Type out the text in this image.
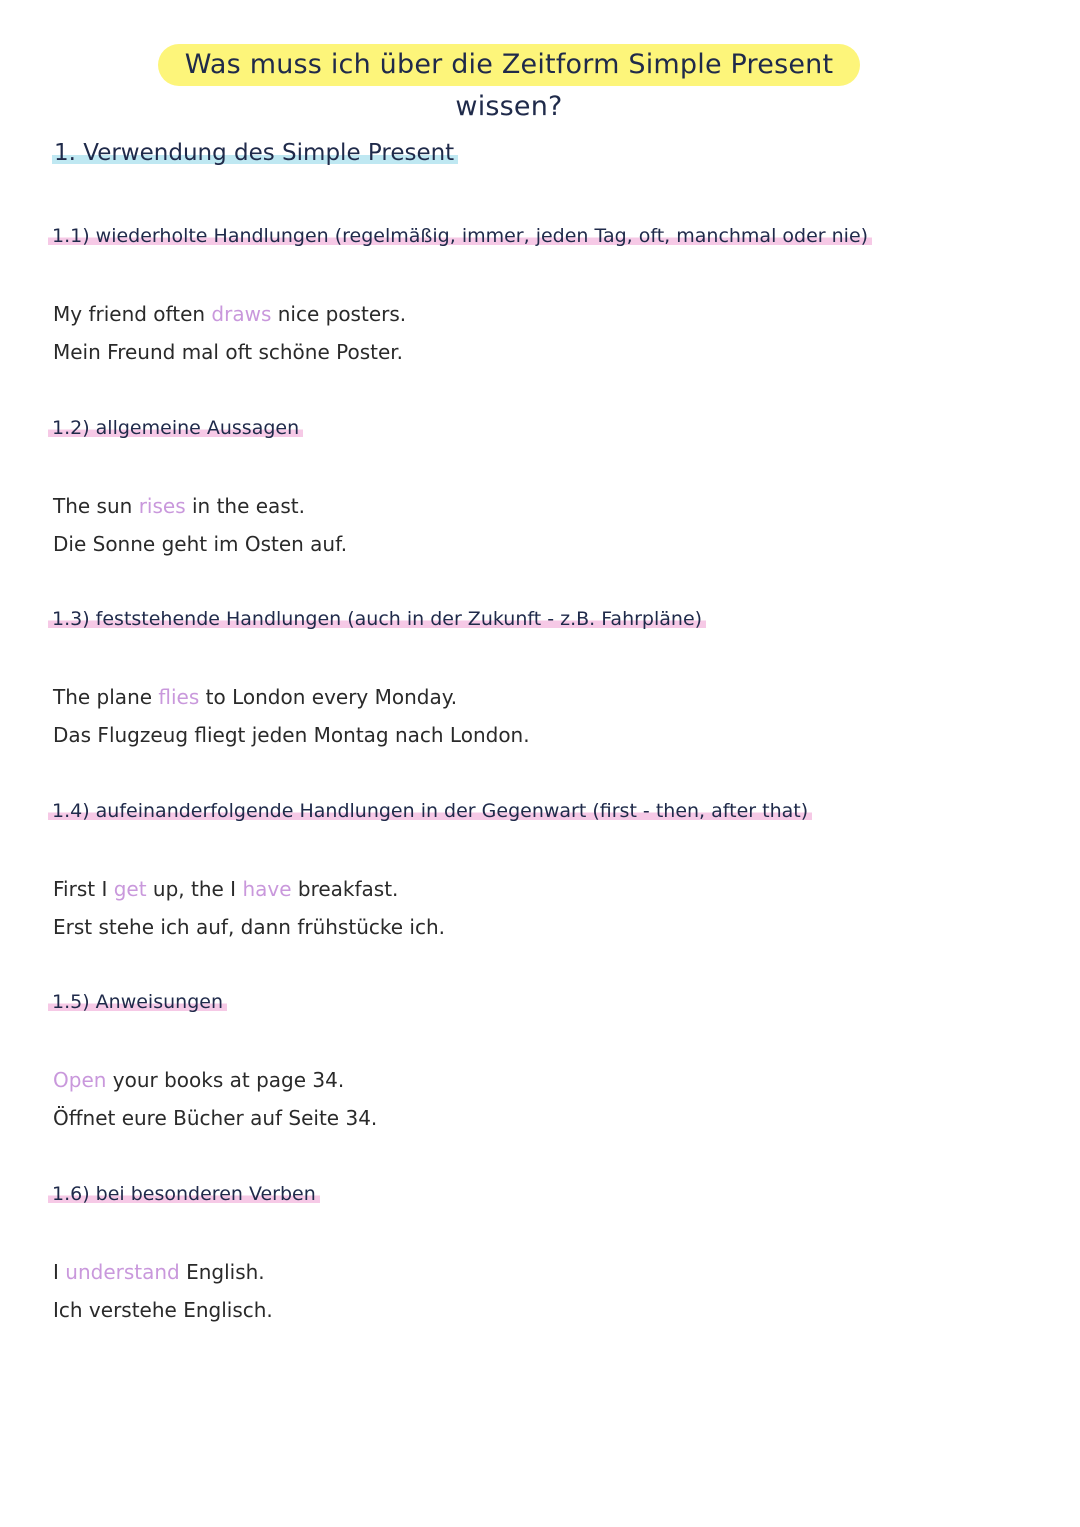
Was muss ich über die Zeitform Simple Present wissen?
1. Verwendung des Simple Present
1.1) wiederholte Handlungen (regelmäßig, immer, jeden Tag, oft, manchmal oder nie)
My friend often draws nice posters.
Mein Freund mal oft schöne Poster.
1.2) allgemeine Aussagen
The sun rises in the east.
Die Sonne geht im Osten auf.
1.3) feststehende Handlungen (auch in der Zukunft - z.B. Fahrpläne)
The plane flies to London every Monday.
Das Flugzeug fliegt jeden Montag nach London.
1.4) aufeinanderfolgende Handlungen in der Gegenwart (first - then, after that)
First I get up, the I have breakfast.
Erst stehe ich auf, dann frühstücke ich.
1.5) Anweisungen
Open your books at page 34.
Öffnet eure Bücher auf Seite 34.
1.6) bei besonderen Verben
I understand English.
Ich verstehe Englisch.
